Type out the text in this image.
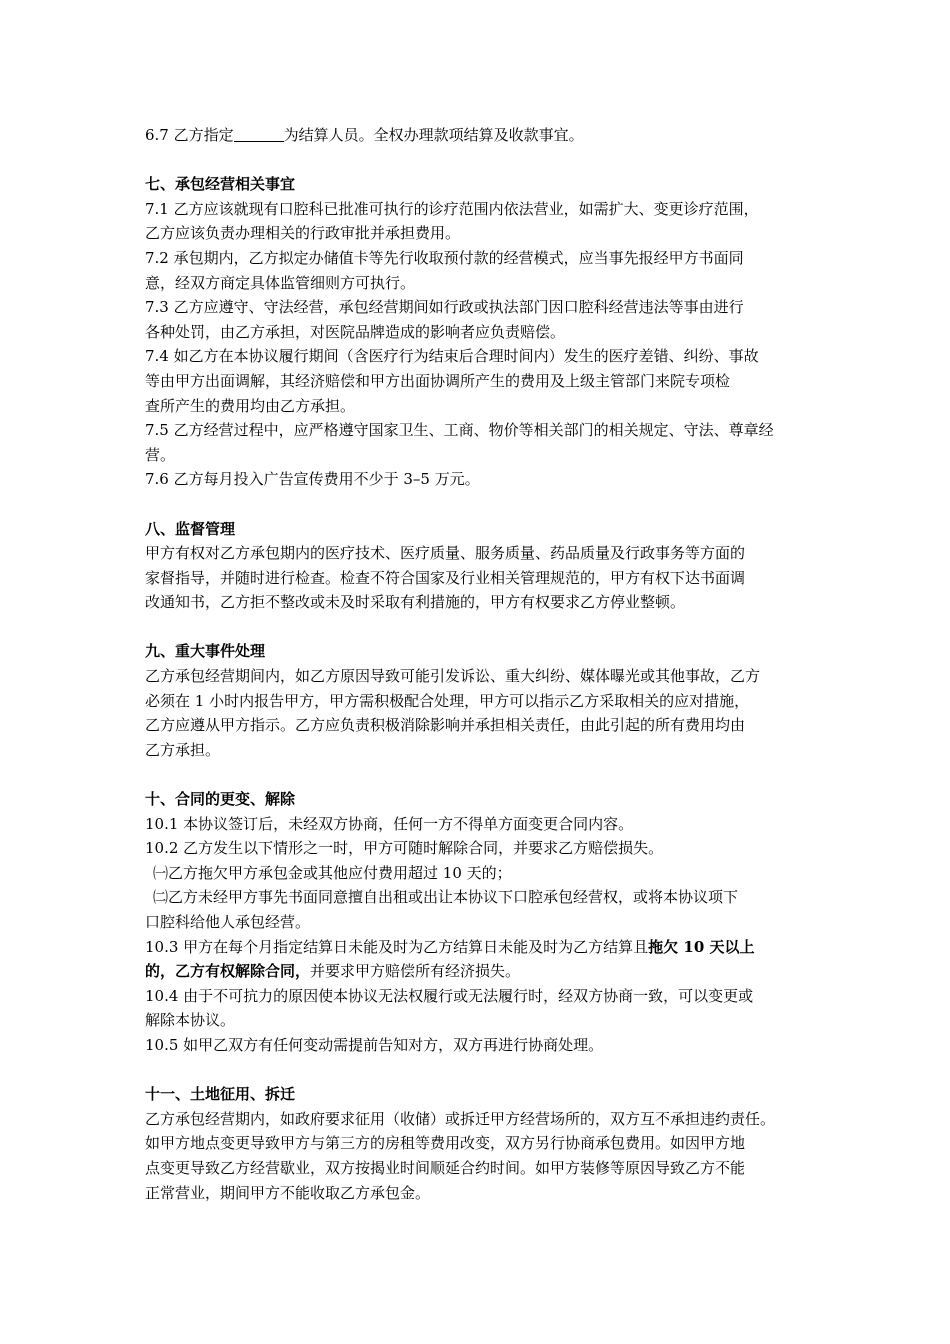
6.7 乙方指定	为结算人员。全权办理款项结算及收款事宜。
七、承包经营相关事宜
7.1 乙方应该就现有口腔科已批准可执行的诊疗范围内依法营业，如需扩大、变更诊疗范围，
乙方应该负责办理相关的行政审批并承担费用。
7.2 承包期内，乙方拟定办储值卡等先行收取预付款的经营模式，应当事先报经甲方书面同
意，经双方商定具体监管细则方可执行。
7.3 乙方应遵守、守法经营，承包经营期间如行政或执法部门因口腔科经营违法等事由进行
各种处罚，由乙方承担，对医院品牌造成的影响者应负责赔偿。
7.4 如乙方在本协议履行期间（含医疗行为结束后合理时间内）发生的医疗差错、纠纷、事故
等由甲方出面调解，其经济赔偿和甲方出面协调所产生的费用及上级主管部门来院专项检
查所产生的费用均由乙方承担。
7.5 乙方经营过程中，应严格遵守国家卫生、工商、物价等相关部门的相关规定、守法、尊章经
营。
7.6 乙方每月投入广告宣传费用不少于 3–5 万元。
八、监督管理
甲方有权对乙方承包期内的医疗技术、医疗质量、服务质量、药品质量及行政事务等方面的
家督指导，并随时进行检查。检查不符合国家及行业相关管理规范的，甲方有权下达书面调
改通知书，乙方拒不整改或未及时采取有利措施的，甲方有权要求乙方停业整顿。
九、重大事件处理
乙方承包经营期间内，如乙方原因导致可能引发诉讼、重大纠纷、媒体曝光或其他事故，乙方
必须在 1 小时内报告甲方，甲方需积极配合处理，甲方可以指示乙方采取相关的应对措施，
乙方应遵从甲方指示。乙方应负责积极消除影响并承担相关责任，由此引起的所有费用均由
乙方承担。
十、合同的更变、解除
10.1 本协议签订后，未经双方协商，任何一方不得单方面变更合同内容。
10.2 乙方发生以下情形之一时，甲方可随时解除合同，并要求乙方赔偿损失。
㈠乙方拖欠甲方承包金或其他应付费用超过 10 天的；
㈡乙方未经甲方事先书面同意擅自出租或出让本协议下口腔承包经营权，或将本协议项下
口腔科给他人承包经营。
10.3 甲方在每个月指定结算日未能及时为乙方结算日未能及时为乙方结算且拖欠 10 天以上
的，乙方有权解除合同，并要求甲方赔偿所有经济损失。
10.4 由于不可抗力的原因使本协议无法权履行或无法履行时，经双方协商一致，可以变更或
解除本协议。
10.5 如甲乙双方有任何变动需提前告知对方，双方再进行协商处理。
十一、土地征用、拆迁
乙方承包经营期内，如政府要求征用（收储）或拆迁甲方经营场所的，双方互不承担违约责任。
如甲方地点变更导致甲方与第三方的房租等费用改变，双方另行协商承包费用。如因甲方地
点变更导致乙方经营歇业，双方按揭业时间顺延合约时间。如甲方装修等原因导致乙方不能
正常营业，期间甲方不能收取乙方承包金。
